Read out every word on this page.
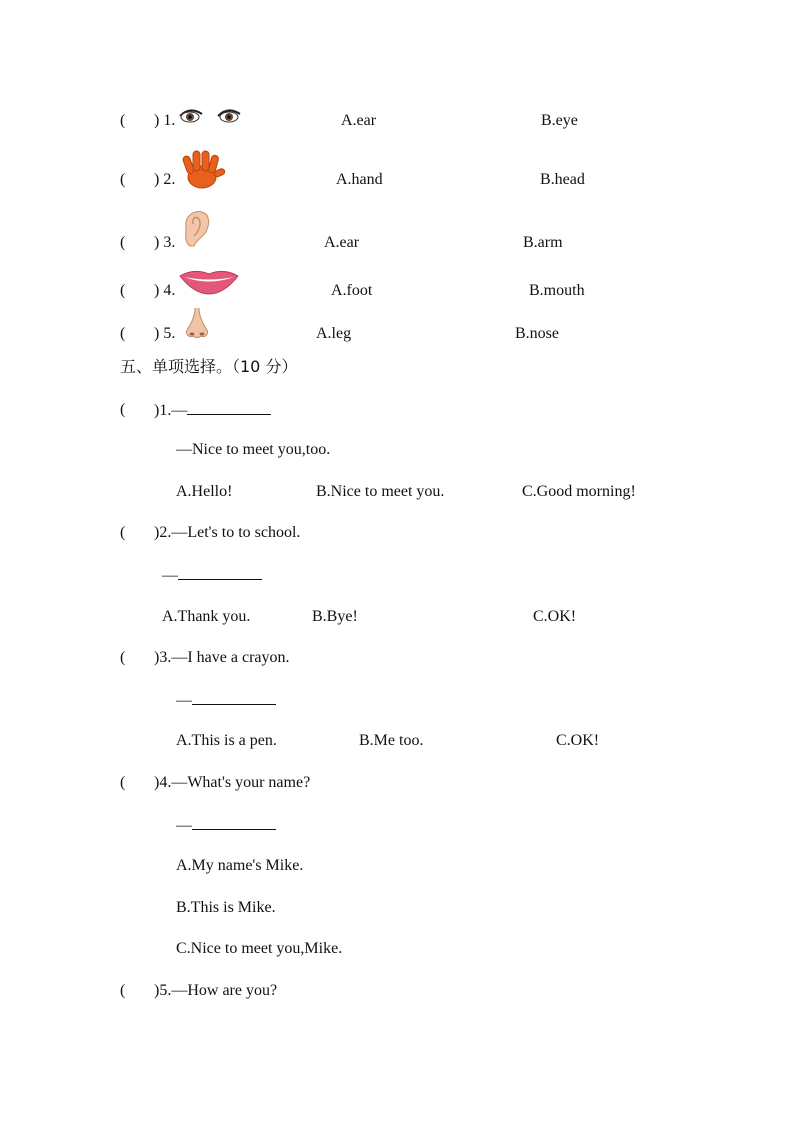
( ) 1.	A.ear	B.eye
( ) 2.	A.hand	B.head
( ) 3.	A.ear	B.arm
( ) 4.	A.foot	B.mouth
( ) 5.	A.leg	B.nose
五、单项选择。（10 分）
( )1.—
—Nice to meet you,too.
A.Hello!	B.Nice to meet you.	C.Good morning!
( )2.—Let's to to school.
—
A.Thank you.	B.Bye!	C.OK!
( )3.—I have a crayon.
—
A.This is a pen.	B.Me too.	C.OK!
( )4.—What's your name?
—
A.My name's Mike.
B.This is Mike.
C.Nice to meet you,Mike.
( )5.—How are you?
